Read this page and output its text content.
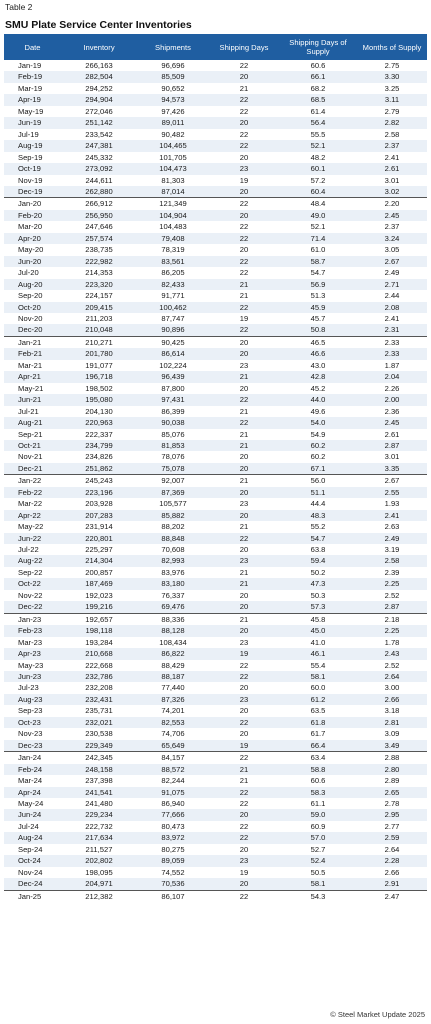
Table 2
SMU Plate Service Center Inventories
Date	Inventory	Shipments	Shipping Days	Shipping Days of Supply	Months of Supply
Jan-19	266,163	96,696	22	60.6	2.75
Feb-19	282,504	85,509	20	66.1	3.30
Mar-19	294,252	90,652	21	68.2	3.25
Apr-19	294,904	94,573	22	68.5	3.11
May-19	272,046	97,426	22	61.4	2.79
Jun-19	251,142	89,011	20	56.4	2.82
Jul-19	233,542	90,482	22	55.5	2.58
Aug-19	247,381	104,465	22	52.1	2.37
Sep-19	245,332	101,705	20	48.2	2.41
Oct-19	273,092	104,473	23	60.1	2.61
Nov-19	244,611	81,303	19	57.2	3.01
Dec-19	262,880	87,014	20	60.4	3.02
Jan-20	266,912	121,349	22	48.4	2.20
Feb-20	256,950	104,904	20	49.0	2.45
Mar-20	247,646	104,483	22	52.1	2.37
Apr-20	257,574	79,408	22	71.4	3.24
May-20	238,735	78,319	20	61.0	3.05
Jun-20	222,982	83,561	22	58.7	2.67
Jul-20	214,353	86,205	22	54.7	2.49
Aug-20	223,320	82,433	21	56.9	2.71
Sep-20	224,157	91,771	21	51.3	2.44
Oct-20	209,415	100,462	22	45.9	2.08
Nov-20	211,203	87,747	19	45.7	2.41
Dec-20	210,048	90,896	22	50.8	2.31
Jan-21	210,271	90,425	20	46.5	2.33
Feb-21	201,780	86,614	20	46.6	2.33
Mar-21	191,077	102,224	23	43.0	1.87
Apr-21	196,718	96,439	21	42.8	2.04
May-21	198,502	87,800	20	45.2	2.26
Jun-21	195,080	97,431	22	44.0	2.00
Jul-21	204,130	86,399	21	49.6	2.36
Aug-21	220,963	90,038	22	54.0	2.45
Sep-21	222,337	85,076	21	54.9	2.61
Oct-21	234,799	81,853	21	60.2	2.87
Nov-21	234,826	78,076	20	60.2	3.01
Dec-21	251,862	75,078	20	67.1	3.35
Jan-22	245,243	92,007	21	56.0	2.67
Feb-22	223,196	87,369	20	51.1	2.55
Mar-22	203,928	105,577	23	44.4	1.93
Apr-22	207,283	85,882	20	48.3	2.41
May-22	231,914	88,202	21	55.2	2.63
Jun-22	220,801	88,848	22	54.7	2.49
Jul-22	225,297	70,608	20	63.8	3.19
Aug-22	214,304	82,993	23	59.4	2.58
Sep-22	200,857	83,976	21	50.2	2.39
Oct-22	187,469	83,180	21	47.3	2.25
Nov-22	192,023	76,337	20	50.3	2.52
Dec-22	199,216	69,476	20	57.3	2.87
Jan-23	192,657	88,336	21	45.8	2.18
Feb-23	198,118	88,128	20	45.0	2.25
Mar-23	193,284	108,434	23	41.0	1.78
Apr-23	210,668	86,822	19	46.1	2.43
May-23	222,668	88,429	22	55.4	2.52
Jun-23	232,786	88,187	22	58.1	2.64
Jul-23	232,208	77,440	20	60.0	3.00
Aug-23	232,431	87,326	23	61.2	2.66
Sep-23	235,731	74,201	20	63.5	3.18
Oct-23	232,021	82,553	22	61.8	2.81
Nov-23	230,538	74,706	20	61.7	3.09
Dec-23	229,349	65,649	19	66.4	3.49
Jan-24	242,345	84,157	22	63.4	2.88
Feb-24	248,158	88,572	21	58.8	2.80
Mar-24	237,398	82,244	21	60.6	2.89
Apr-24	241,541	91,075	22	58.3	2.65
May-24	241,480	86,940	22	61.1	2.78
Jun-24	229,234	77,666	20	59.0	2.95
Jul-24	222,732	80,473	22	60.9	2.77
Aug-24	217,634	83,972	22	57.0	2.59
Sep-24	211,527	80,275	20	52.7	2.64
Oct-24	202,802	89,059	23	52.4	2.28
Nov-24	198,095	74,552	19	50.5	2.66
Dec-24	204,971	70,536	20	58.1	2.91
Jan-25	212,382	86,107	22	54.3	2.47
© Steel Market Update 2025
